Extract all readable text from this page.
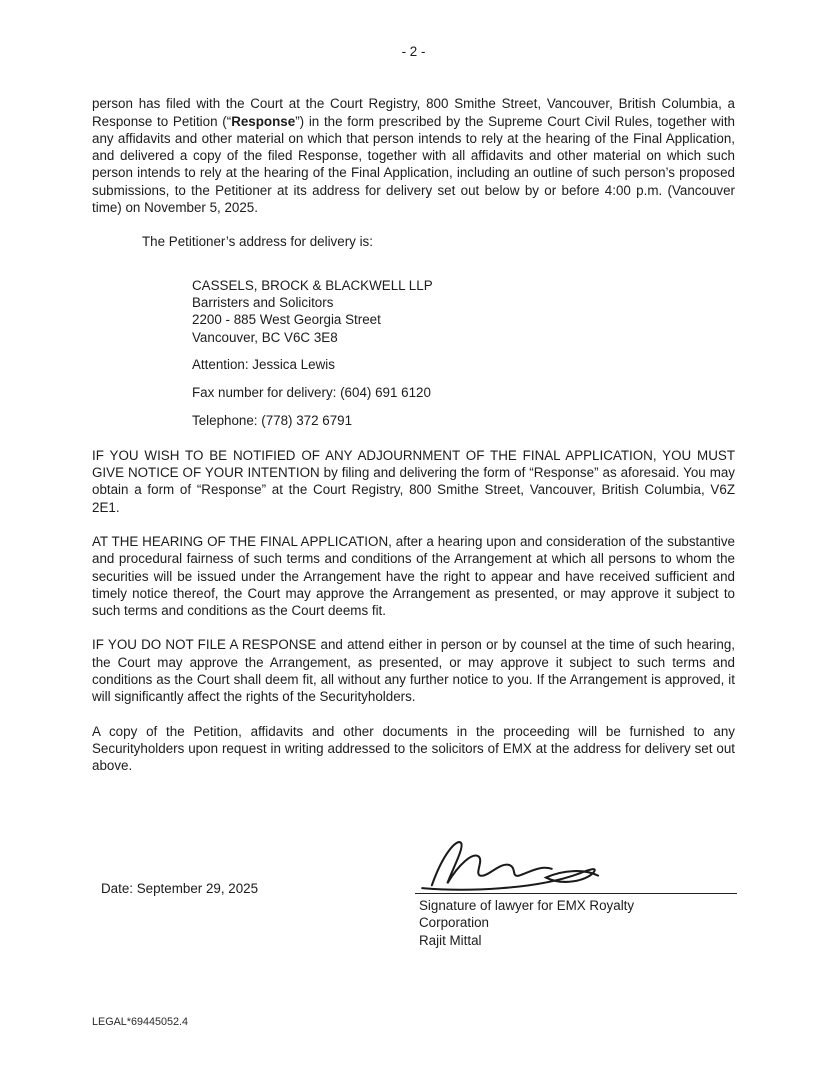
- 2 -

person has filed with the Court at the Court Registry, 800 Smithe Street, Vancouver, British Columbia, a Response to Petition (“Response”) in the form prescribed by the Supreme Court Civil Rules, together with any affidavits and other material on which that person intends to rely at the hearing of the Final Application, and delivered a copy of the filed Response, together with all affidavits and other material on which such person intends to rely at the hearing of the Final Application, including an outline of such person’s proposed submissions, to the Petitioner at its address for delivery set out below by or before 4:00 p.m. (Vancouver time) on November 5, 2025.

The Petitioner’s address for delivery is:

CASSELS, BROCK & BLACKWELL LLP
Barristers and Solicitors
2200 - 885 West Georgia Street
Vancouver, BC V6C 3E8
Attention: Jessica Lewis
Fax number for delivery: (604) 691 6120
Telephone: (778) 372 6791

IF YOU WISH TO BE NOTIFIED OF ANY ADJOURNMENT OF THE FINAL APPLICATION, YOU MUST GIVE NOTICE OF YOUR INTENTION by filing and delivering the form of “Response” as aforesaid. You may obtain a form of “Response” at the Court Registry, 800 Smithe Street, Vancouver, British Columbia, V6Z 2E1.

AT THE HEARING OF THE FINAL APPLICATION, after a hearing upon and consideration of the substantive and procedural fairness of such terms and conditions of the Arrangement at which all persons to whom the securities will be issued under the Arrangement have the right to appear and have received sufficient and timely notice thereof, the Court may approve the Arrangement as presented, or may approve it subject to such terms and conditions as the Court deems fit.

IF YOU DO NOT FILE A RESPONSE and attend either in person or by counsel at the time of such hearing, the Court may approve the Arrangement, as presented, or may approve it subject to such terms and conditions as the Court shall deem fit, all without any further notice to you. If the Arrangement is approved, it will significantly affect the rights of the Securityholders.

A copy of the Petition, affidavits and other documents in the proceeding will be furnished to any Securityholders upon request in writing addressed to the solicitors of EMX at the address for delivery set out above.

Date: September 29, 2025
Signature of lawyer for EMX Royalty
Corporation
Rajit Mittal
LEGAL*69445052.4
